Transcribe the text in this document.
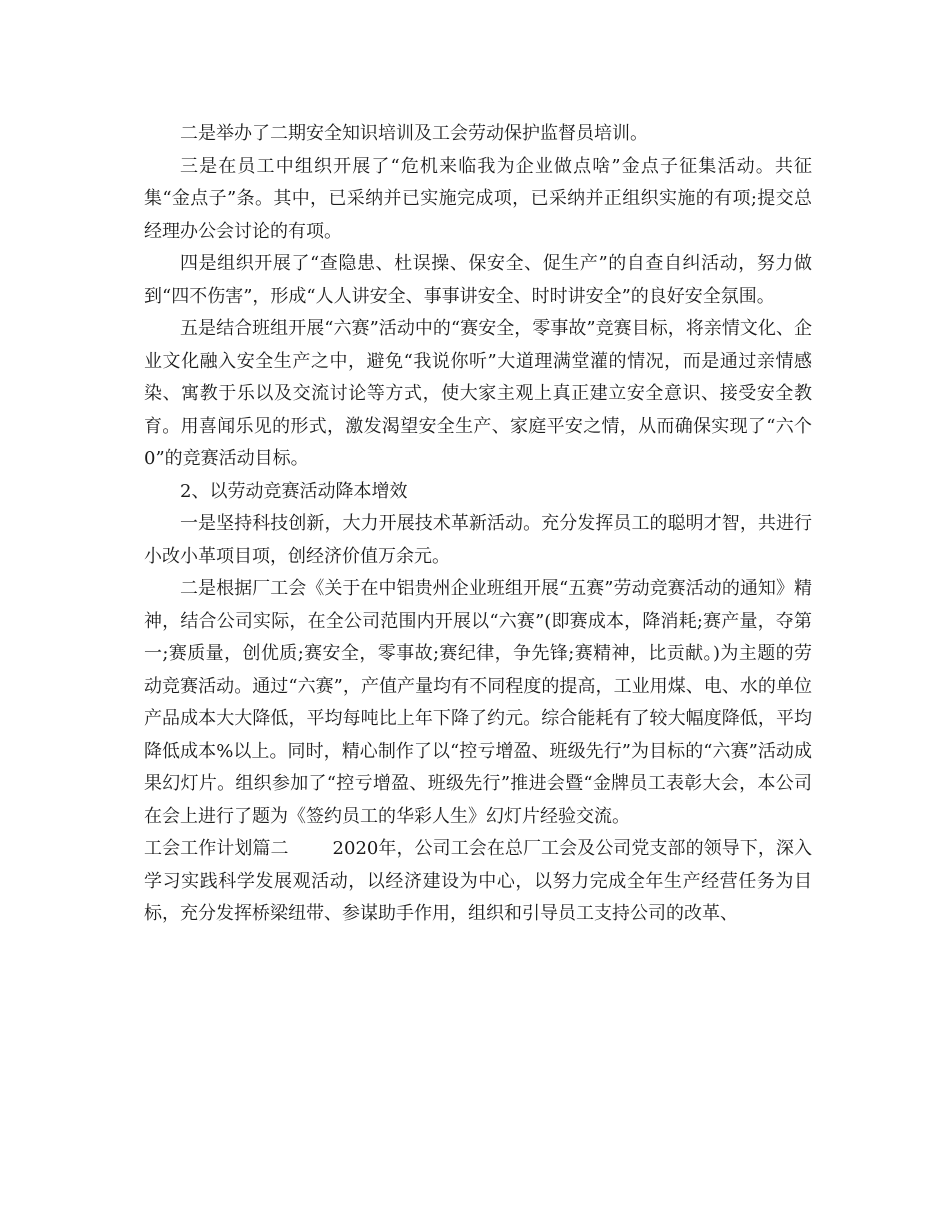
二是举办了二期安全知识培训及工会劳动保护监督员培训。

三是在员工中组织开展了“危机来临我为企业做点啥”金点子征集活动。共征集“金点子”条。其中，已采纳并已实施完成项，已采纳并正组织实施的有项;提交总经理办公会讨论的有项。

四是组织开展了“查隐患、杜误操、保安全、促生产”的自查自纠活动，努力做到“四不伤害”，形成“人人讲安全、事事讲安全、时时讲安全”的良好安全氛围。

五是结合班组开展“六赛”活动中的“赛安全，零事故”竞赛目标，将亲情文化、企业文化融入安全生产之中，避免“我说你听”大道理满堂灌的情况，而是通过亲情感染、寓教于乐以及交流讨论等方式，使大家主观上真正建立安全意识、接受安全教育。用喜闻乐见的形式，激发渴望安全生产、家庭平安之情，从而确保实现了“六个0”的竞赛活动目标。

2、以劳动竞赛活动降本增效

一是坚持科技创新，大力开展技术革新活动。充分发挥员工的聪明才智，共进行小改小革项目项，创经济价值万余元。

二是根据厂工会《关于在中铝贵州企业班组开展“五赛”劳动竞赛活动的通知》精神，结合公司实际，在全公司范围内开展以“六赛”(即赛成本，降消耗;赛产量，夺第一;赛质量，创优质;赛安全，零事故;赛纪律，争先锋;赛精神，比贡献。)为主题的劳动竞赛活动。通过“六赛”，产值产量均有不同程度的提高，工业用煤、电、水的单位产品成本大大降低，平均每吨比上年下降了约元。综合能耗有了较大幅度降低，平均降低成本%以上。同时，精心制作了以“控亏增盈、班级先行”为目标的“六赛”活动成果幻灯片。组织参加了“控亏增盈、班级先行”推进会暨“金牌员工表彰大会，本公司在会上进行了题为《签约员工的华彩人生》幻灯片经验交流。

工会工作计划篇二 2020年，公司工会在总厂工会及公司党支部的领导下，深入学习实践科学发展观活动，以经济建设为中心，以努力完成全年生产经营任务为目标，充分发挥桥梁纽带、参谋助手作用，组织和引导员工支持公司的改革、
